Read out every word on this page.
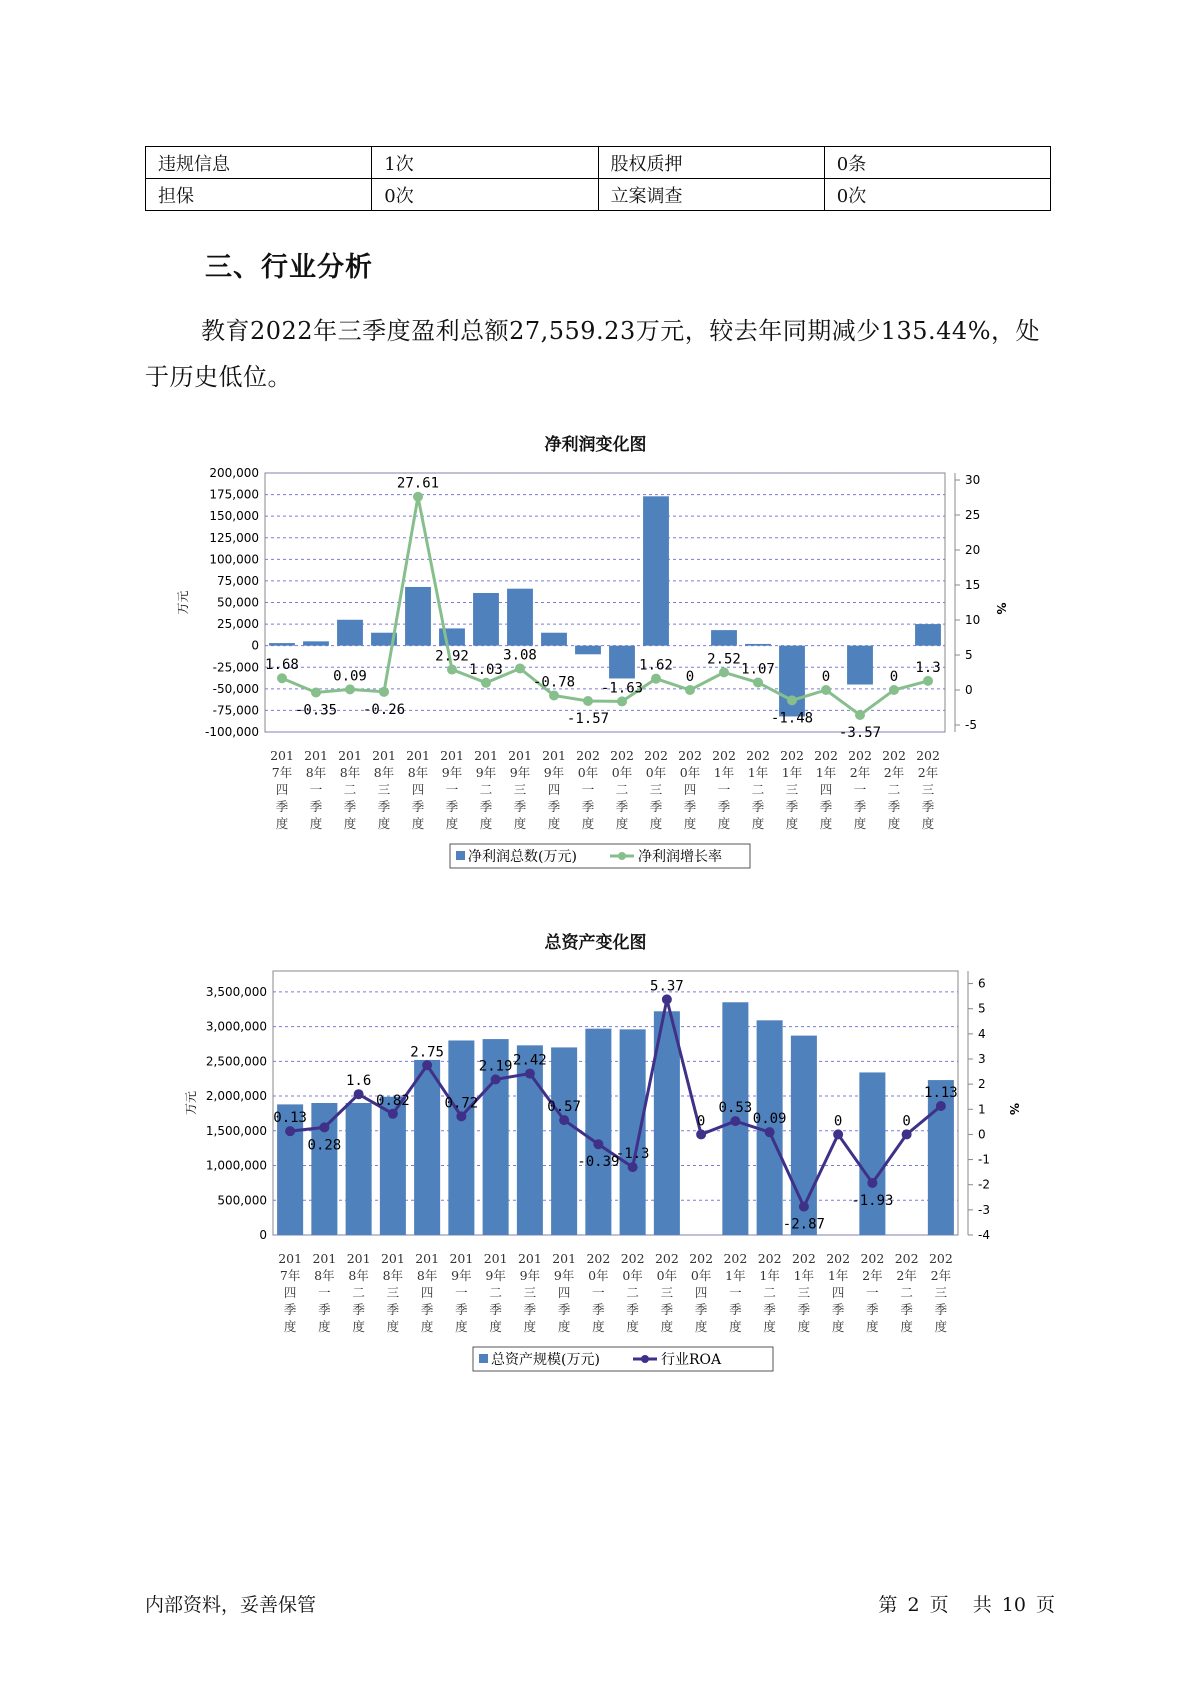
违规信息	1次	股权质押	0条
担保	0次	立案调查	0次
三、行业分析

教育2022年三季度盈利总额27,559.23万元，较去年同期减少135.44%，处于历史低位。

净利润变化图
200,000
175,000
150,000
125,000
100,000
75,000
50,000
25,000
0
-25,000
-50,000
-75,000
-100,000
万元
30
25
20
15
10
5
0
-5
%
1.68
-0.35
0.09
-0.26
27.61
2.92
1.03
3.08
-0.78
-1.57
-1.63
1.62
0
2.52
1.07
-1.48
0
-3.57
0
1.3
201
7年
四
季
度
201
8年
一
季
度
201
8年
二
季
度
201
8年
三
季
度
201
8年
四
季
度
201
9年
一
季
度
201
9年
二
季
度
201
9年
三
季
度
201
9年
四
季
度
202
0年
一
季
度
202
0年
二
季
度
202
0年
三
季
度
202
0年
四
季
度
202
1年
一
季
度
202
1年
二
季
度
202
1年
三
季
度
202
1年
四
季
度
202
2年
一
季
度
202
2年
二
季
度
202
2年
三
季
度
净利润总数(万元)	净利润增长率
总资产变化图
3,500,000
3,000,000
2,500,000
2,000,000
1,500,000
1,000,000
500,000
0
万元
6
5
4
3
2
1
0
-1
-2
-3
-4
%
0.13
0.28
1.6
0.82
2.75
0.72
2.19 2.42
0.57
-0.39
-1.3
5.37
0
0.53
0.09
-2.87
0
-1.93
0
1.13
201
7年
四
季
度
201
8年
一
季
度
201
8年
二
季
度
201
8年
三
季
度
201
8年
四
季
度
201
9年
一
季
度
201
9年
二
季
度
201
9年
三
季
度
201
9年
四
季
度
202
0年
一
季
度
202
0年
二
季
度
202
0年
三
季
度
202
0年
四
季
度
202
1年
一
季
度
202
1年
二
季
度
202
1年
三
季
度
202
1年
四
季
度
202
2年
一
季
度
202
2年
二
季
度
202
2年
三
季
度
总资产规模(万元)	行业ROA
内部资料，妥善保管	第 2 页 共 10 页
